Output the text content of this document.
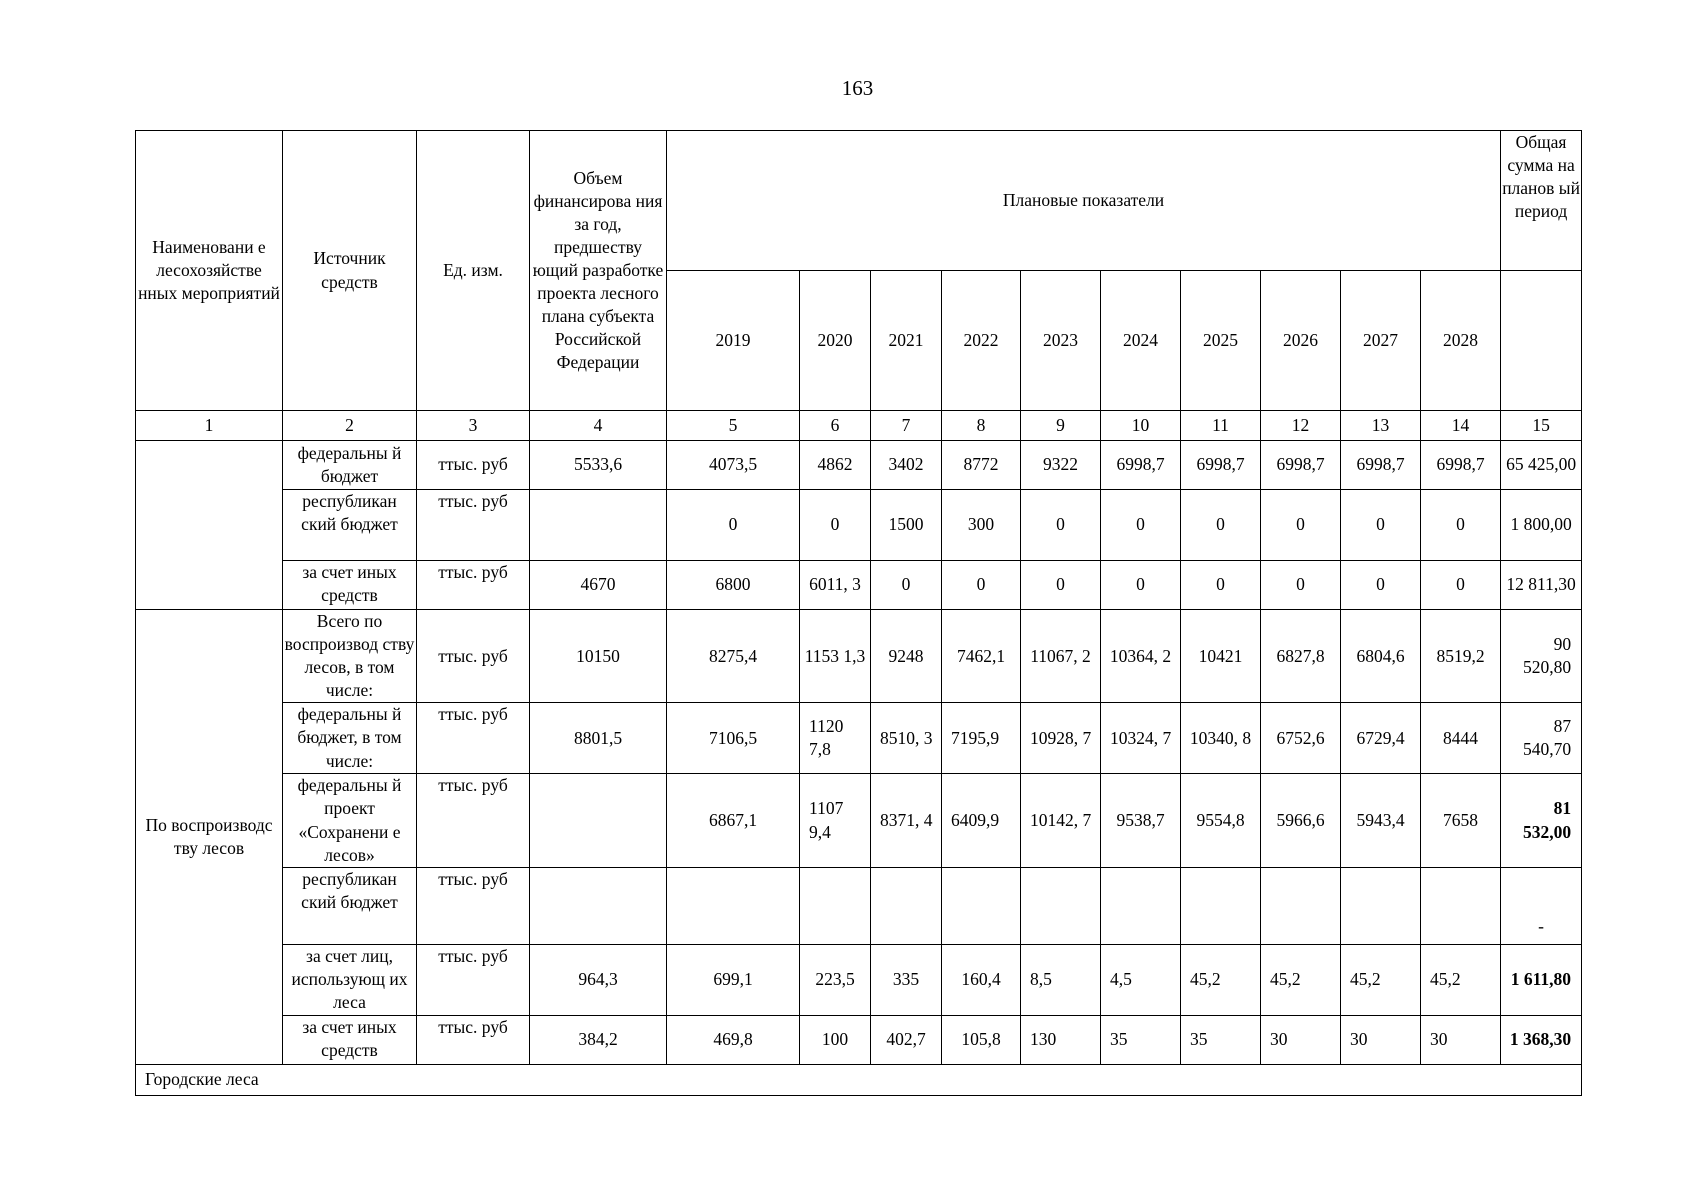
163
Наименовани е лесохозяйстве нных мероприятий	Источник средств	Ед. изм.	Объем финансирова ния за год, предшеству ющий разработке проекта лесного плана субъекта Российской Федерации	Плановые показатели										Общая сумма на планов ый период
				2019	2020	2021	2022	2023	2024	2025	2026	2027	2028	
1	2	3	4	5	6	7	8	9	10	11	12	13	14	15
	федеральны й бюджет	ттыс. руб	5533,6	4073,5	4862	3402	8772	9322	6998,7	6998,7	6998,7	6998,7	6998,7	65 425,00
	республикан ский бюджет	ттыс. руб		0	0	1500	300	0	0	0	0	0	0	1 800,00
	за счет иных средств	ттыс. руб	4670	6800	6011, 3	0	0	0	0	0	0	0	0	12 811,30
По воспроизводс тву лесов	Всего по воспроизвод ству лесов, в том числе:	ттыс. руб	10150	8275,4	1153 1,3	9248	7462,1	11067, 2	10364, 2	10421	6827,8	6804,6	8519,2	90 520,80
	федеральны й бюджет, в том числе:	ттыс. руб	8801,5	7106,5	1120 7,8	8510, 3	7195,9	10928, 7	10324, 7	10340, 8	6752,6	6729,4	8444	87 540,70
	федеральны й проект «Сохранени е лесов»	ттыс. руб		6867,1	1107 9,4	8371, 4	6409,9	10142, 7	9538,7	9554,8	5966,6	5943,4	7658	81 532,00
	республикан ский бюджет	ттыс. руб												-
	за счет лиц, использующ их леса	ттыс. руб	964,3	699,1	223,5	335	160,4	8,5	4,5	45,2	45,2	45,2	45,2	1 611,80
	за счет иных средств	ттыс. руб	384,2	469,8	100	402,7	105,8	130	35	35	30	30	30	1 368,30
Городские леса														
